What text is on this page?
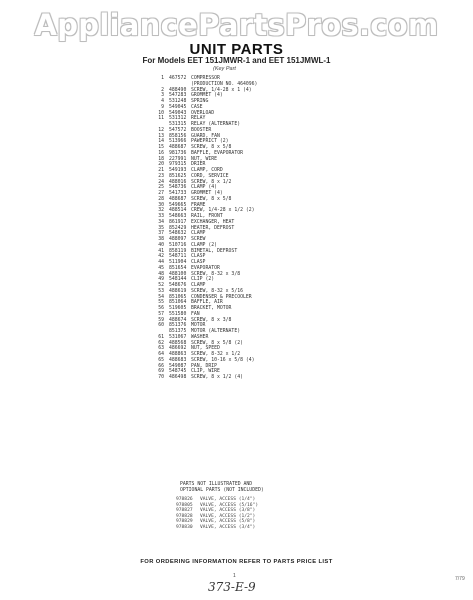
AppliancePartsPros.com
UNIT PARTS
For Models EET 151JMWR-1 and EET 151JMWL-1
(Key Part
1	467572 COMPRESSOR
(PRODUCTION NO. 464096)
2	488490 SCREW, 1/4-28 x 1 (4)
3	547283 GROMMET (4)
4	531248 SPRING
9	549045 CASE
10	549043 OVERLOAD
11	531312 RELAY
531315 RELAY (ALTERNATE)
12	547572 BOOSTER
13	858156 GUARD, FAN
14	513966 PAWEPRICT (2)
15	488687 SCREW, 8 x 5/8
16	981736 BAFFLE, EVAPORATOR
18	227991 NUT, WIRE
20	979315 DRIER
21	549193 CLAMP, CORD
23	851625 CORD, SERVICE
24	488016 SCREW, 8 x 1/2
25	548736 CLAMP (4)
27	541733 GROMMET (4)
28	488687 SCREW, 8 x 5/8
30	549665 FRAME
32	488514 CREW, 1/4-28 x 1/2 (2)
33	548663 RAIL, FRONT
34	861917 EXCHANGER, HEAT
35	852429 HEATER, DEFROST
37	548632 CLAMP
38	488097 SCREW
40	510716 CLAMP (2)
41	858119 BIMETAL, DEFROST
42	548711 CLASP
44	511904 CLASP
45	851654 EVAPORATOR
48	488100 SCREW, 8-32 x 3/8
49	548144 CLIP (2)
52	548676 CLAMP
53	488619 SCREW, 8-32 x 5/16
54	851065 CONDENSER & PRECOOLER
55	851064 BAFFLE, AIR
56	519605 BRACKET, MOTOR
57	551580 FAN
59	488674 SCREW, 8 x 3/8
60	851376 MOTOR
851375 MOTOR (ALTERNATE)
61	531067 WASHER
62	488568 SCREW, 8 x 5/8 (2)
63	486692 NUT, SPEED
64	488863 SCREW, 8-32 x 1/2
65	488683 SCREW, 10-16 x 5/8 (4)
66	549087 PAN, DRIP
69	548745 CLIP, WIRE
70	486498 SCREW, 8 x 1/2 (4)
PARTS NOT ILLUSTRATED AND
OPTIONAL PARTS (NOT INCLUDED)
978826	VALVE, ACCESS (1/4")
978805	VALVE, ACCESS (5/16")
978827	VALVE, ACCESS (3/8")
978828	VALVE, ACCESS (1/2")
978829	VALVE, ACCESS (5/8")
978830	VALVE, ACCESS (3/4")
FOR ORDERING INFORMATION REFER TO PARTS PRICE LIST
1	7/79
373-E-9
